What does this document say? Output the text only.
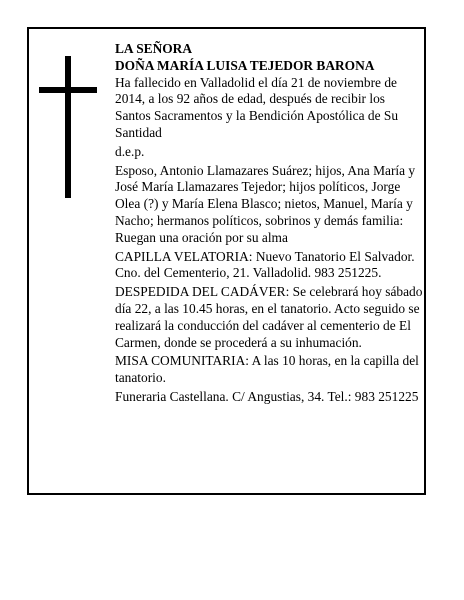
LA SEÑORA

DOÑA MARÍA LUISA TEJEDOR BARONA

Ha fallecido en Valladolid el día 21 de noviembre de 2014, a los 92 años de edad, después de recibir los Santos Sacramentos y la Bendición Apostólica de Su Santidad

d.e.p.

Esposo, Antonio Llamazares Suárez; hijos, Ana María y José María Llamazares Tejedor; hijos políticos, Jorge Olea (?) y María Elena Blasco; nietos, Manuel, María y Nacho; hermanos políticos, sobrinos y demás familia: Ruegan una oración por su alma

CAPILLA VELATORIA: Nuevo Tanatorio El Salvador. Cno. del Cementerio, 21. Valladolid. 983 251225.

DESPEDIDA DEL CADÁVER: Se celebrará hoy sábado día 22, a las 10.45 horas, en el tanatorio. Acto seguido se realizará la conducción del cadáver al cementerio de El Carmen, donde se procederá a su inhumación.

MISA COMUNITARIA: A las 10 horas, en la capilla del tanatorio.

Funeraria Castellana. C/ Angustias, 34. Tel.: 983 251225
